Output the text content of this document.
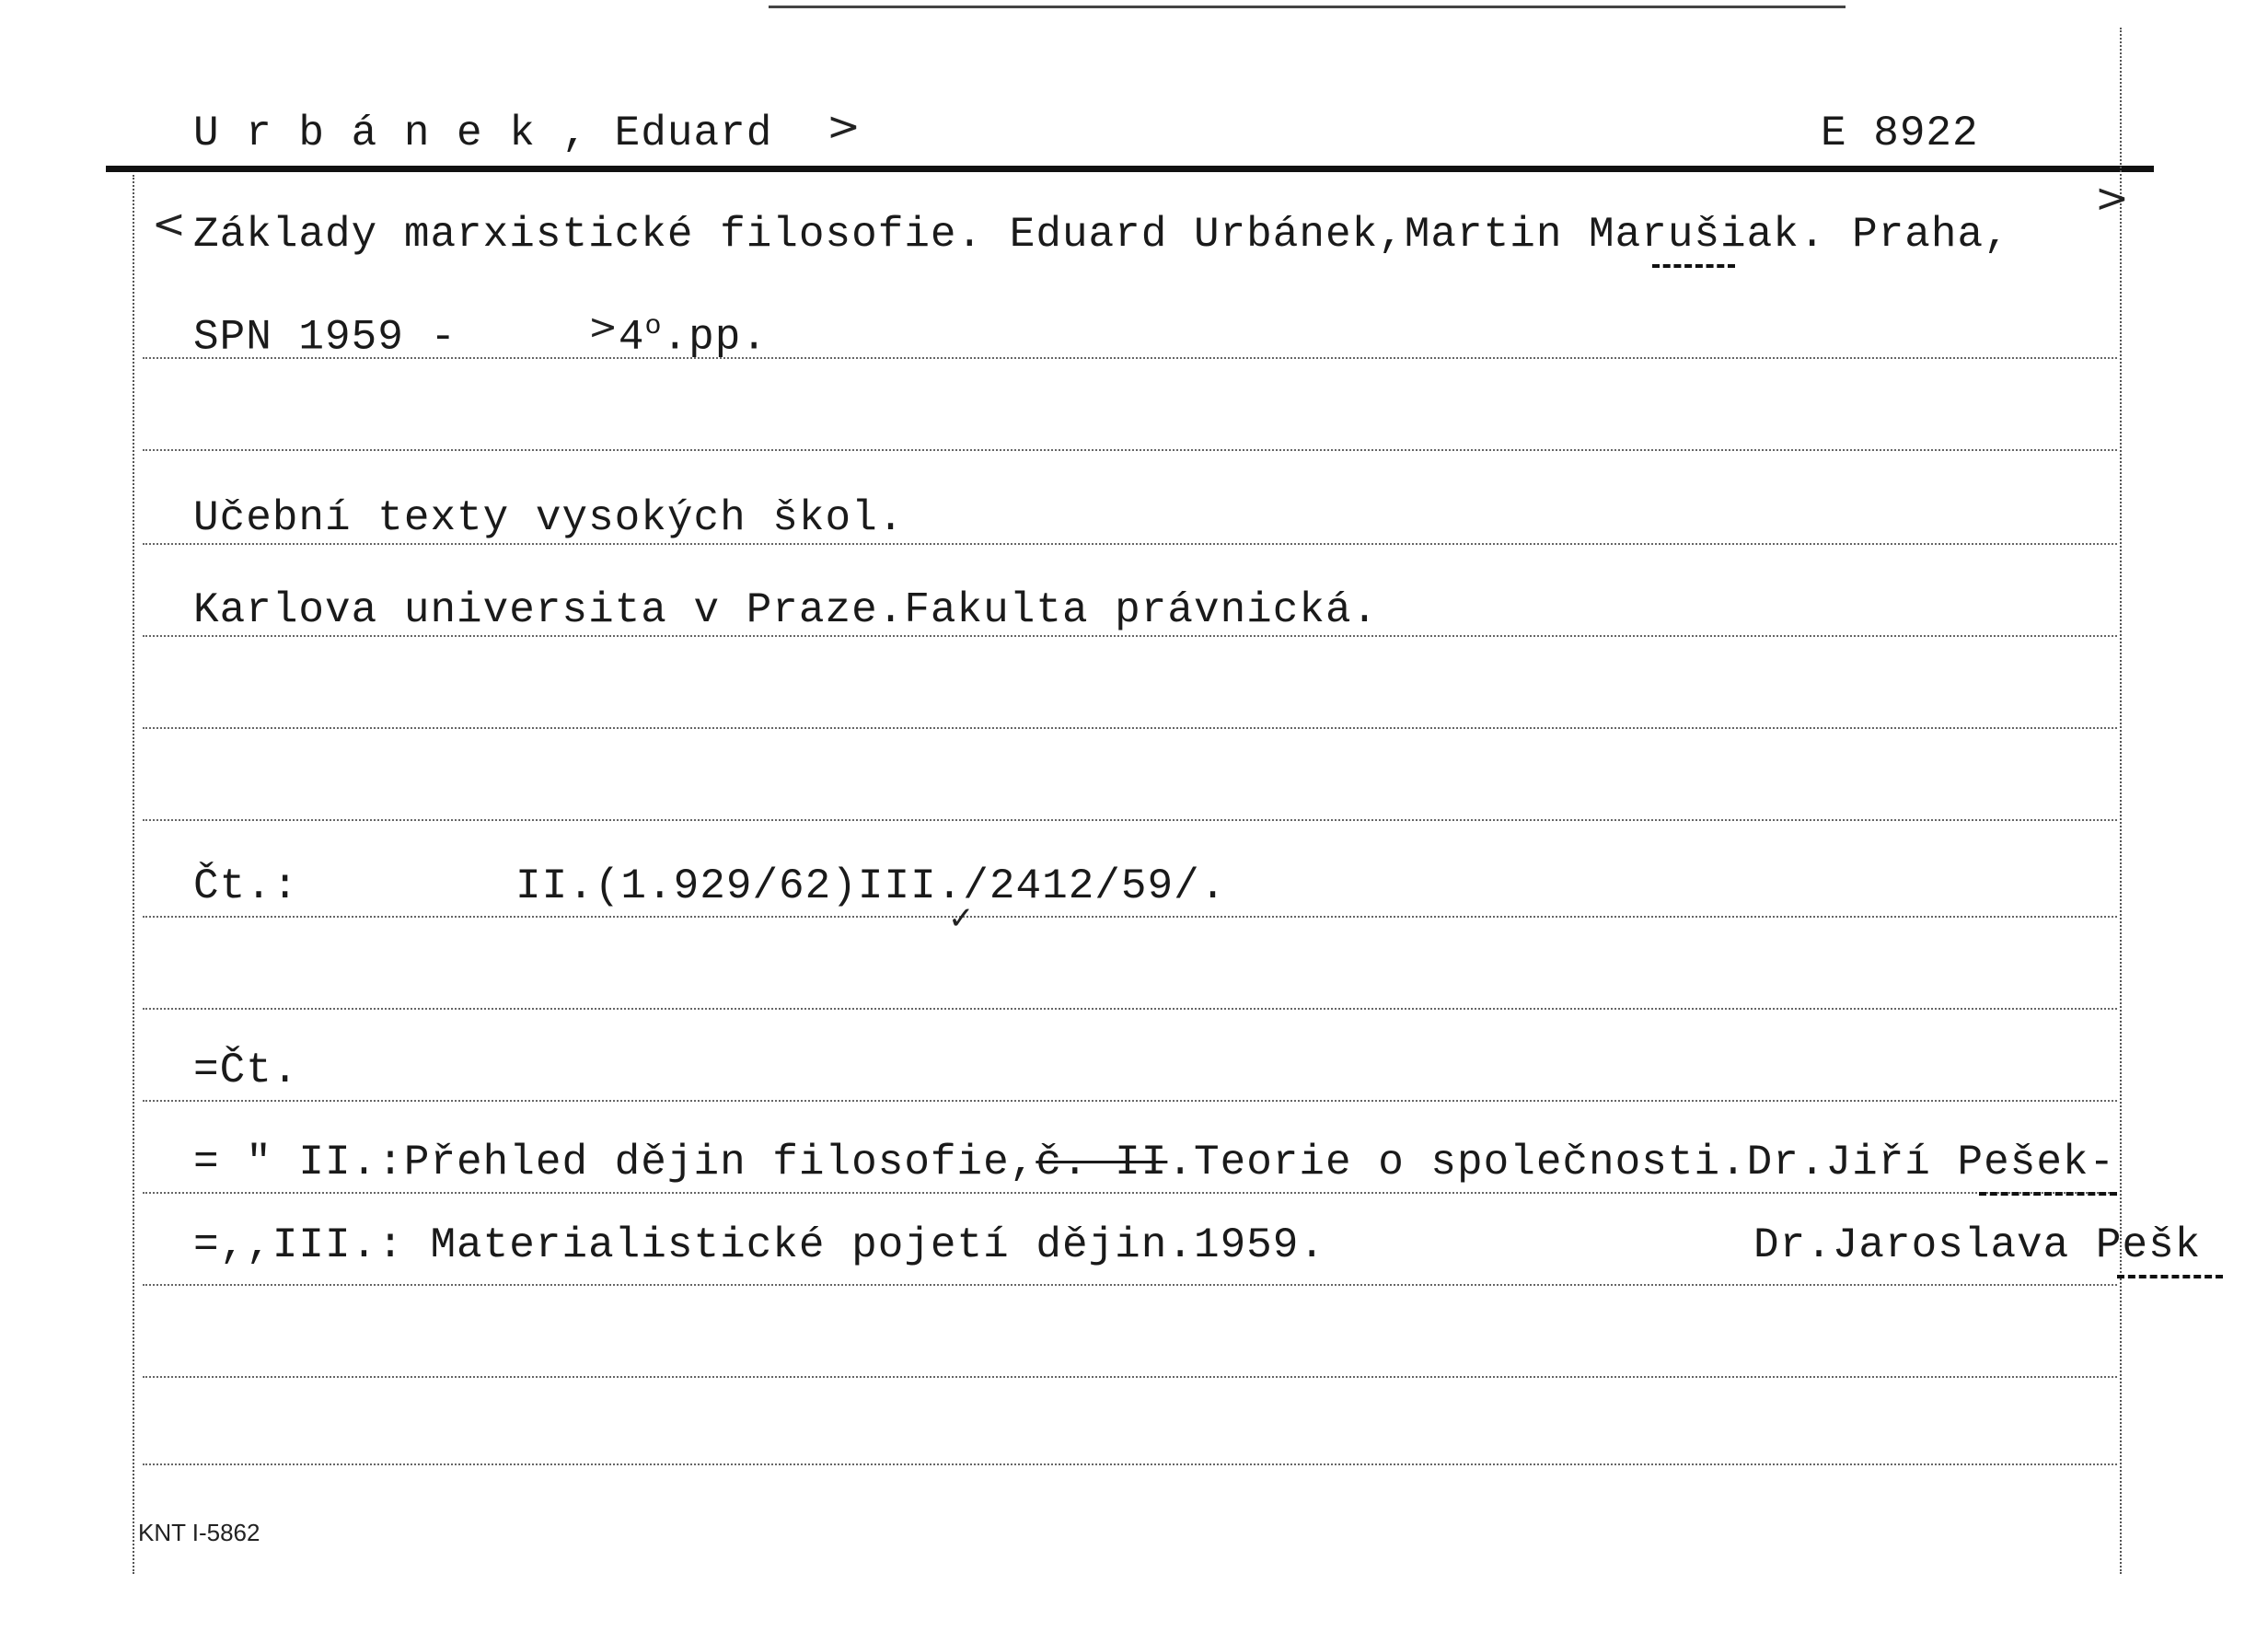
U r b á n e k , Eduard >	E 8922
< Základy marxistické filosofie. Eduard Urbánek,Martin Marušiak. Praha,
>
SPN 1959 -	>4$^o$.pp.
Učební texty vysokých škol.
Karlova universita v Praze.Fakulta právnická.
Čt.:	II.(1.929/62)III./2412/59/.
✓
=Čt.
= " II.:Přehled dějin filosofie,č. II.Teorie o společnosti.Dr.Jiří Pešek-
=,,III.: Materialistické pojetí dějin.1959.	Dr.Jaroslava Pešk
KNT I-5862
